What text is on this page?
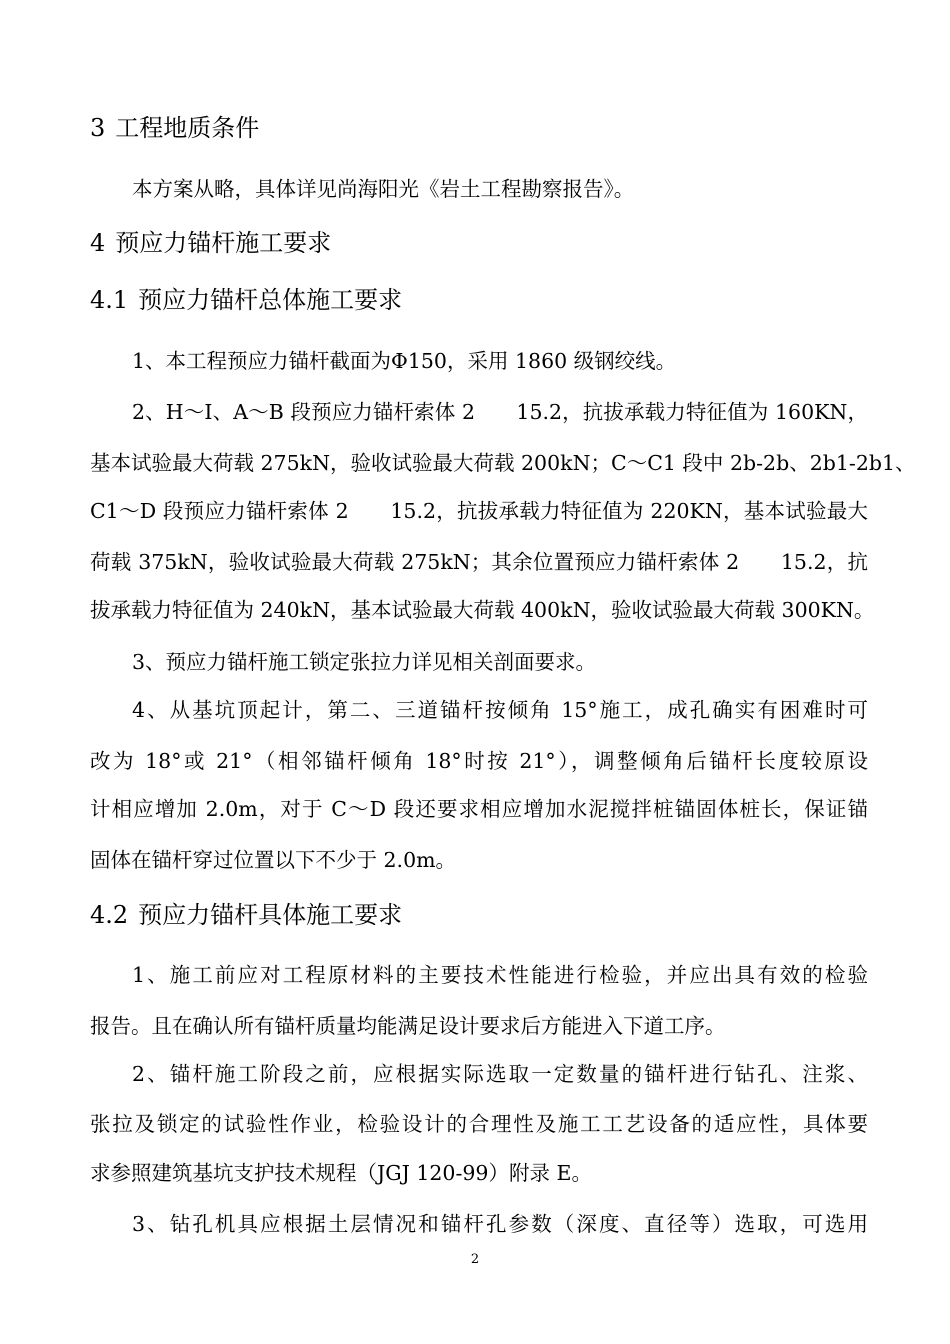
3 工程地质条件
本方案从略，具体详见尚海阳光《岩土工程勘察报告》。
4 预应力锚杆施工要求
4.1 预应力锚杆总体施工要求
1、本工程预应力锚杆截面为Φ150，采用 1860 级钢绞线。
2、H～I、A～B 段预应力锚杆索体 2　　15.2，抗拔承载力特征值为 160KN，
基本试验最大荷载 275kN，验收试验最大荷载 200kN；C～C1 段中 2b-2b、2b1-2b1、
C1～D 段预应力锚杆索体 2　　15.2，抗拔承载力特征值为 220KN，基本试验最大
荷载 375kN，验收试验最大荷载 275kN；其余位置预应力锚杆索体 2　　15.2，抗
拔承载力特征值为 240kN，基本试验最大荷载 400kN，验收试验最大荷载 300KN。
3、预应力锚杆施工锁定张拉力详见相关剖面要求。
4、从基坑顶起计，第二、三道锚杆按倾角 15°施工，成孔确实有困难时可
改为 18°或 21°（相邻锚杆倾角 18°时按 21°），调整倾角后锚杆长度较原设
计相应增加 2.0m，对于 C～D 段还要求相应增加水泥搅拌桩锚固体桩长，保证锚
固体在锚杆穿过位置以下不少于 2.0m。
4.2 预应力锚杆具体施工要求
1、施工前应对工程原材料的主要技术性能进行检验，并应出具有效的检验
报告。且在确认所有锚杆质量均能满足设计要求后方能进入下道工序。
2、锚杆施工阶段之前，应根据实际选取一定数量的锚杆进行钻孔、注浆、
张拉及锁定的试验性作业，检验设计的合理性及施工工艺设备的适应性，具体要
求参照建筑基坑支护技术规程（JGJ 120-99）附录 E。
3、钻孔机具应根据土层情况和锚杆孔参数（深度、直径等）选取，可选用
2
